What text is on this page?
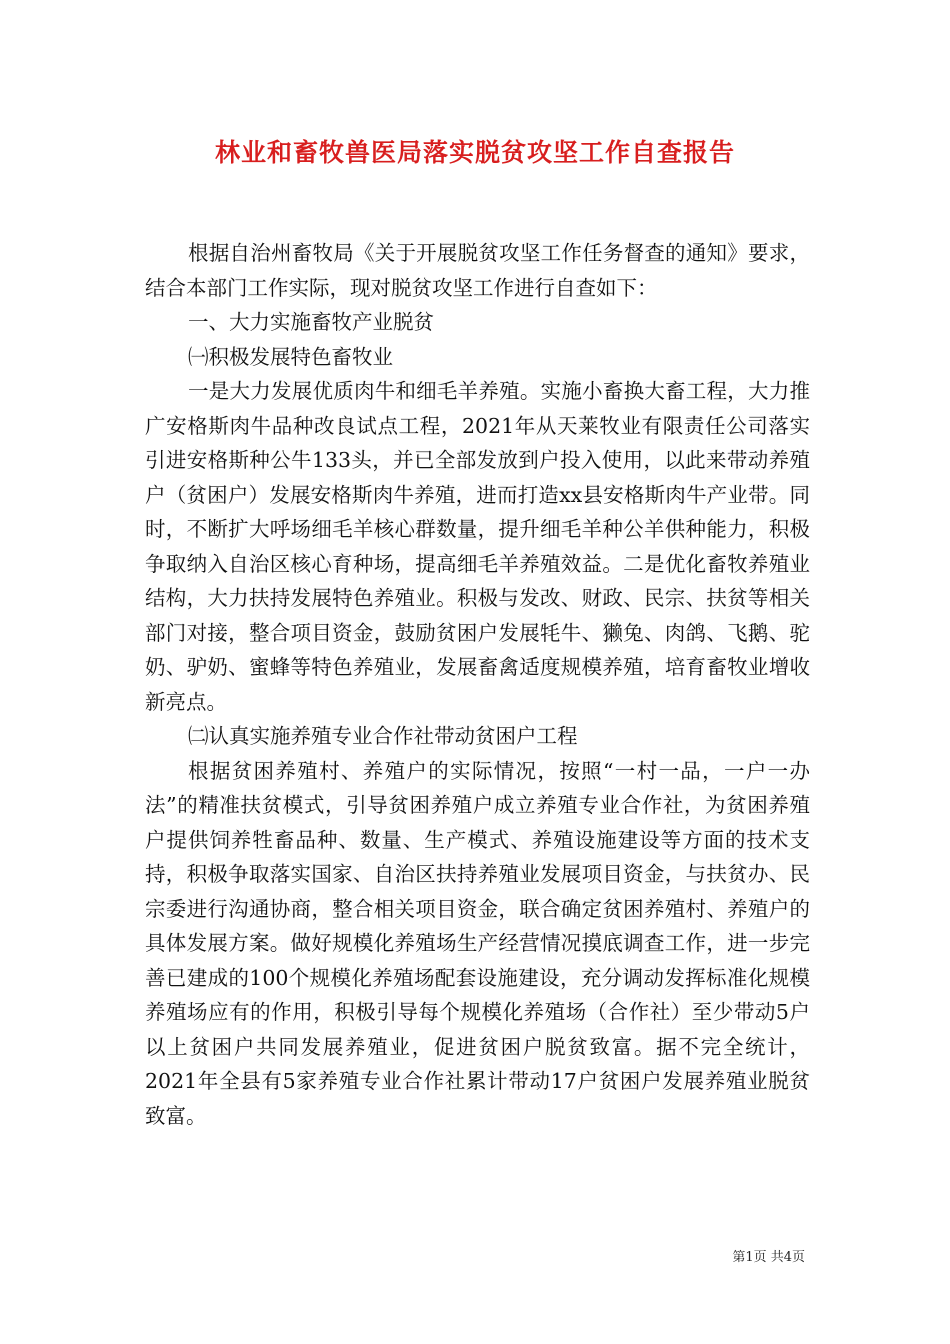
林业和畜牧兽医局落实脱贫攻坚工作自查报告

根据自治州畜牧局《关于开展脱贫攻坚工作任务督查的通知》要求，结合本部门工作实际，现对脱贫攻坚工作进行自查如下：

一、大力实施畜牧产业脱贫

㈠积极发展特色畜牧业

一是大力发展优质肉牛和细毛羊养殖。实施小畜换大畜工程，大力推广安格斯肉牛品种改良试点工程，2021年从天莱牧业有限责任公司落实引进安格斯种公牛133头，并已全部发放到户投入使用，以此来带动养殖户（贫困户）发展安格斯肉牛养殖，进而打造xx县安格斯肉牛产业带。同时，不断扩大呼场细毛羊核心群数量，提升细毛羊种公羊供种能力，积极争取纳入自治区核心育种场，提高细毛羊养殖效益。二是优化畜牧养殖业结构，大力扶持发展特色养殖业。积极与发改、财政、民宗、扶贫等相关部门对接，整合项目资金，鼓励贫困户发展牦牛、獭兔、肉鸽、飞鹅、驼奶、驴奶、蜜蜂等特色养殖业，发展畜禽适度规模养殖，培育畜牧业增收新亮点。

㈡认真实施养殖专业合作社带动贫困户工程

根据贫困养殖村、养殖户的实际情况，按照“一村一品，一户一办法”的精准扶贫模式，引导贫困养殖户成立养殖专业合作社，为贫困养殖户提供饲养牲畜品种、数量、生产模式、养殖设施建设等方面的技术支持，积极争取落实国家、自治区扶持养殖业发展项目资金，与扶贫办、民宗委进行沟通协商，整合相关项目资金，联合确定贫困养殖村、养殖户的具体发展方案。做好规模化养殖场生产经营情况摸底调查工作，进一步完善已建成的100个规模化养殖场配套设施建设，充分调动发挥标准化规模养殖场应有的作用，积极引导每个规模化养殖场（合作社）至少带动5户以上贫困户共同发展养殖业，促进贫困户脱贫致富。据不完全统计，2021年全县有5家养殖专业合作社累计带动17户贫困户发展养殖业脱贫致富。

第1页 共4页
